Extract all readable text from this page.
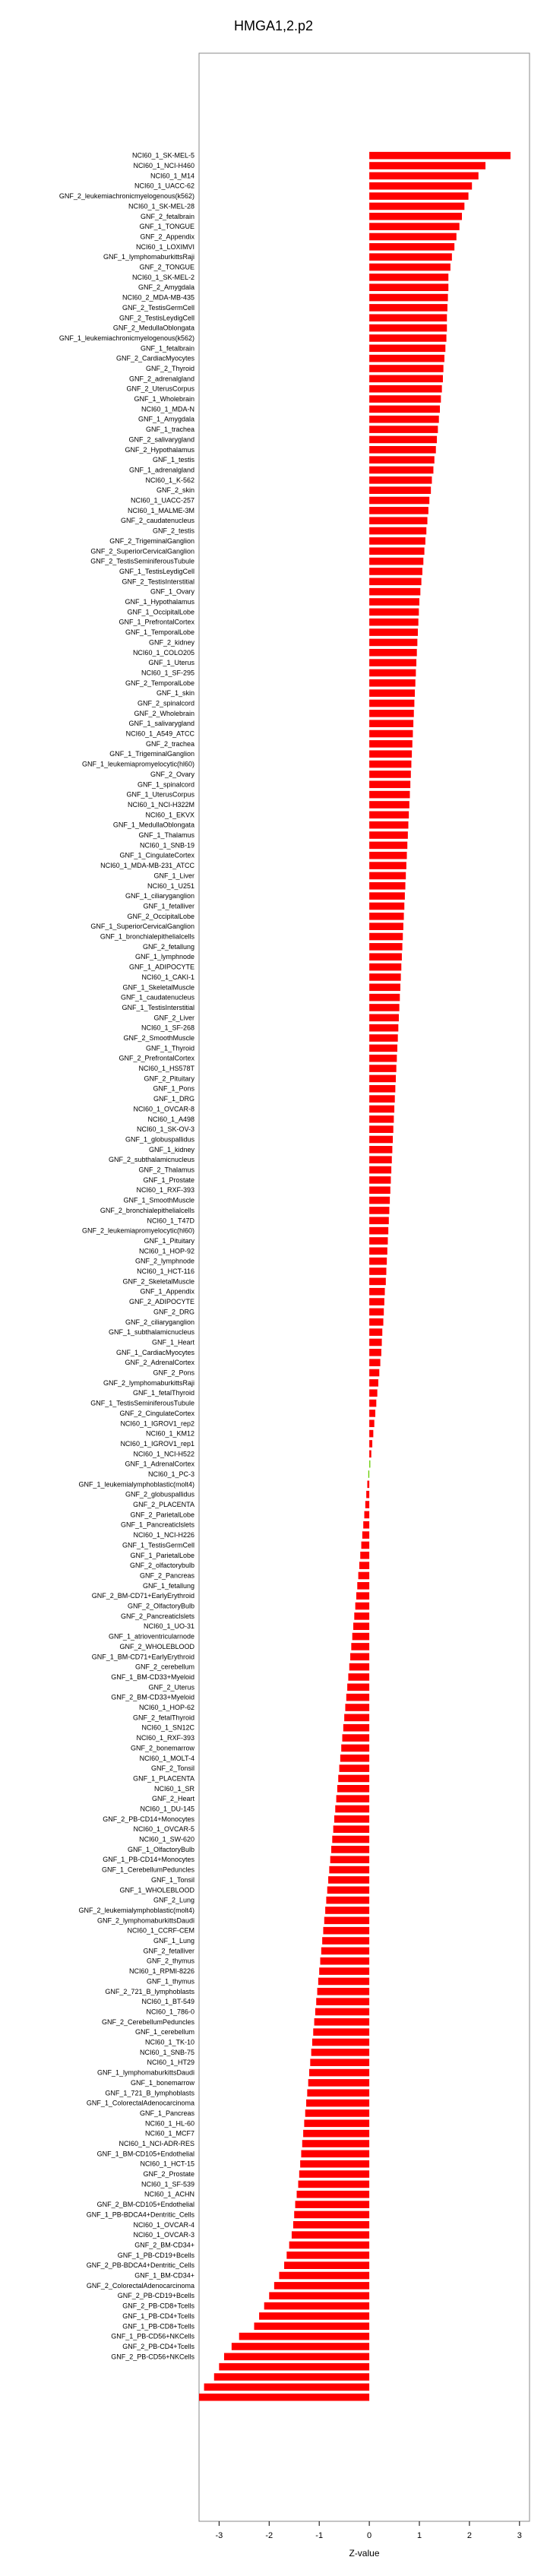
HMGA1,2.p2
NCI60_1_SK-MEL-5
NCI60_1_NCI-H460
NCI60_1_M14
NCI60_1_UACC-62
GNF_2_leukemiachronicmyelogenous(k562)
NCI60_1_SK-MEL-28
GNF_2_fetalbrain
GNF_1_TONGUE
GNF_2_Appendix
NCI60_1_LOXIMVI
GNF_1_lymphomaburkittsRaji
GNF_2_TONGUE
NCI60_1_SK-MEL-2
GNF_2_Amygdala
NCI60_2_MDA-MB-435
GNF_2_TestisGermCell
GNF_2_TestisLeydigCell
GNF_2_MedullaOblongata
GNF_1_leukemiachronicmyelogenous(k562)
GNF_1_fetalbrain
GNF_2_CardiacMyocytes
GNF_2_Thyroid
GNF_2_adrenalgland
GNF_2_UterusCorpus
GNF_1_Wholebrain
NCI60_1_MDA-N
GNF_1_Amygdala
GNF_1_trachea
GNF_2_salivarygland
GNF_2_Hypothalamus
GNF_1_testis
GNF_1_adrenalgland
NCI60_1_K-562
GNF_2_skin
NCI60_1_UACC-257
NCI60_1_MALME-3M
GNF_2_caudatenucleus
GNF_2_testis
GNF_2_TrigeminalGanglion
GNF_2_SuperiorCervicalGanglion
GNF_2_TestisSeminiferousTubule
GNF_1_TestisLeydigCell
GNF_2_TestisInterstitial
GNF_1_Ovary
GNF_1_Hypothalamus
GNF_1_OccipitalLobe
GNF_1_PrefrontalCortex
GNF_1_TemporalLobe
GNF_2_kidney
NCI60_1_COLO205
GNF_1_Uterus
NCI60_1_SF-295
GNF_2_TemporalLobe
GNF_1_skin
GNF_2_spinalcord
GNF_2_Wholebrain
GNF_1_salivarygland
NCI60_1_A549_ATCC
GNF_2_trachea
GNF_1_TrigeminalGanglion
GNF_1_leukemiapromyelocytic(hl60)
GNF_2_Ovary
GNF_1_spinalcord
GNF_1_UterusCorpus
NCI60_1_NCI-H322M
NCI60_1_EKVX
GNF_1_MedullaOblongata
GNF_1_Thalamus
NCI60_1_SNB-19
GNF_1_CingulateCortex
NCI60_1_MDA-MB-231_ATCC
GNF_1_Liver
NCI60_1_U251
GNF_1_ciliaryganglion
GNF_1_fetalliver
GNF_2_OccipitalLobe
GNF_1_SuperiorCervicalGanglion
GNF_1_bronchialepithelialcells
GNF_2_fetallung
GNF_1_lymphnode
GNF_1_ADIPOCYTE
NCI60_1_CAKI-1
GNF_1_SkeletalMuscle
GNF_1_caudatenucleus
GNF_1_TestisInterstitial
GNF_2_Liver
NCI60_1_SF-268
GNF_2_SmoothMuscle
GNF_1_Thyroid
GNF_2_PrefrontalCortex
NCI60_1_HS578T
GNF_2_Pituitary
GNF_1_Pons
GNF_1_DRG
NCI60_1_OVCAR-8
NCI60_1_A498
NCI60_1_SK-OV-3
GNF_1_globuspallidus
GNF_1_kidney
GNF_2_subthalamicnucleus
GNF_2_Thalamus
GNF_1_Prostate
NCI60_1_RXF-393
GNF_1_SmoothMuscle
GNF_2_bronchialepithelialcells
NCI60_1_T47D
GNF_2_leukemiapromyelocytic(hl60)
GNF_1_Pituitary
NCI60_1_HOP-92
GNF_2_lymphnode
NCI60_1_HCT-116
GNF_2_SkeletalMuscle
GNF_1_Appendix
GNF_2_ADIPOCYTE
GNF_2_DRG
GNF_2_ciliaryganglion
GNF_1_subthalamicnucleus
GNF_1_Heart
GNF_1_CardiacMyocytes
GNF_2_AdrenalCortex
GNF_2_Pons
GNF_2_lymphomaburkittsRaji
GNF_1_fetalThyroid
GNF_1_TestisSeminiferousTubule
GNF_2_CingulateCortex
NCI60_1_IGROV1_rep2
NCI60_1_KM12
NCI60_1_IGROV1_rep1
NCI60_1_NCI-H522
GNF_1_AdrenalCortex
NCI60_1_PC-3
GNF_1_leukemialymphoblastic(molt4)
GNF_2_globuspallidus
GNF_2_PLACENTA
GNF_2_ParietalLobe
GNF_1_Pancreaticlslets
NCI60_1_NCI-H226
GNF_1_TestisGermCell
GNF_1_ParietalLobe
GNF_2_olfactorybulb
GNF_2_Pancreas
GNF_1_fetallung
GNF_2_BM-CD71+EarlyErythroid
GNF_2_OlfactoryBulb
GNF_2_Pancreaticlslets
NCI60_1_UO-31
GNF_1_atrioventricularnode
GNF_2_WHOLEBLOOD
GNF_1_BM-CD71+EarlyErythroid
GNF_2_cerebellum
GNF_1_BM-CD33+Myeloid
GNF_2_Uterus
GNF_2_BM-CD33+Myeloid
NCI60_1_HOP-62
GNF_2_fetalThyroid
NCI60_1_SN12C
NCI60_1_RXF-393
GNF_2_bonemarrow
NCI60_1_MOLT-4
GNF_2_Tonsil
GNF_1_PLACENTA
NCI60_1_SR
GNF_2_Heart
NCI60_1_DU-145
GNF_2_PB-CD14+Monocytes
NCI60_1_OVCAR-5
NCI60_1_SW-620
GNF_1_OlfactoryBulb
GNF_1_PB-CD14+Monocytes
GNF_1_CerebellumPeduncles
GNF_1_Tonsil
GNF_1_WHOLEBLOOD
GNF_2_Lung
GNF_2_leukemialymphoblastic(molt4)
GNF_2_lymphomaburkittsDaudi
NCI60_1_CCRF-CEM
GNF_1_Lung
GNF_2_fetalliver
GNF_2_thymus
NCI60_1_RPMI-8226
GNF_1_thymus
GNF_2_721_B_lymphoblasts
NCI60_1_BT-549
NCI60_1_786-0
GNF_2_CerebellumPeduncles
GNF_1_cerebellum
NCI60_1_TK-10
NCI60_1_SNB-75
NCI60_1_HT29
GNF_1_lymphomaburkittsDaudi
GNF_1_bonemarrow
GNF_1_721_B_lymphoblasts
GNF_1_ColorectalAdenocarcinoma
GNF_1_Pancreas
NCI60_1_HL-60
NCI60_1_MCF7
NCI60_1_NCI-ADR-RES
GNF_1_BM-CD105+Endothelial
NCI60_1_HCT-15
GNF_2_Prostate
NCI60_1_SF-539
NCI60_1_ACHN
GNF_2_BM-CD105+Endothelial
GNF_1_PB-BDCA4+Dentritic_Cells
NCI60_1_OVCAR-4
NCI60_1_OVCAR-3
GNF_2_BM-CD34+
GNF_1_PB-CD19+Bcells
GNF_2_PB-BDCA4+Dentritic_Cells
GNF_1_BM-CD34+
GNF_2_ColorectalAdenocarcinoma
GNF_2_PB-CD19+Bcells
GNF_2_PB-CD8+Tcells
GNF_1_PB-CD4+Tcells
GNF_1_PB-CD8+Tcells
GNF_1_PB-CD56+NKCells
GNF_2_PB-CD4+Tcells
GNF_2_PB-CD56+NKCells
-3	-2	-1	0	1	2	3
Z-value
